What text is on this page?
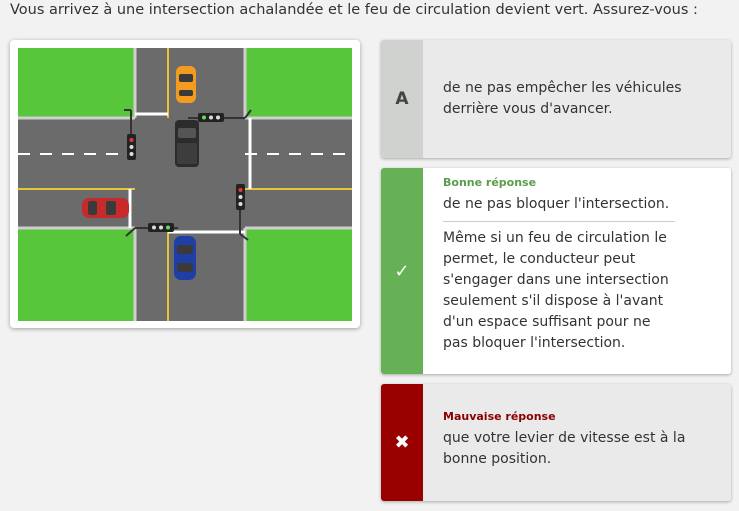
Vous arrivez à une intersection achalandée et le feu de circulation devient vert. Assurez-vous :
A
de ne pas empêcher les véhicules
derrière vous d'avancer.
✓
Bonne réponse
de ne pas bloquer l'intersection.
Même si un feu de circulation le
permet, le conducteur peut
s'engager dans une intersection
seulement s'il dispose à l'avant
d'un espace suffisant pour ne
pas bloquer l'intersection.
✖
Mauvaise réponse
que votre levier de vitesse est à la
bonne position.
